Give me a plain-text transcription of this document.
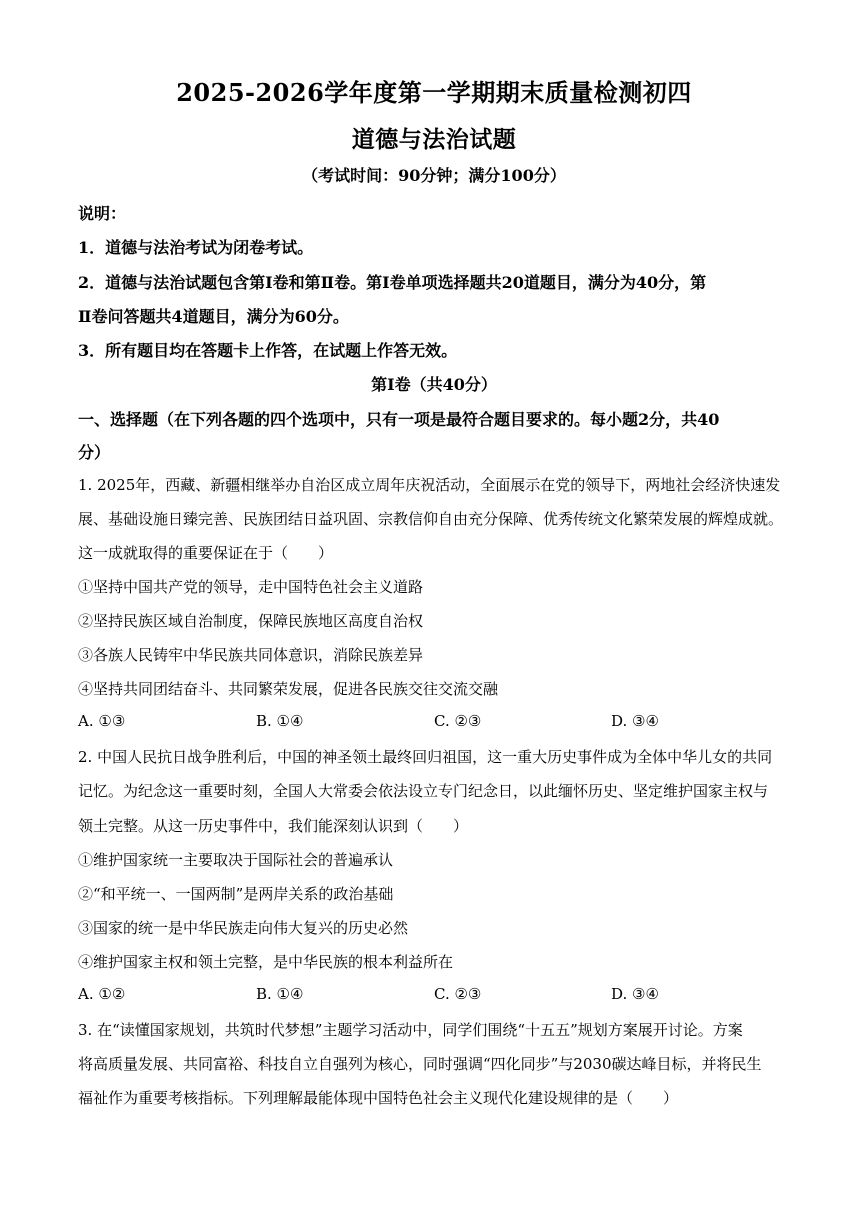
2025-2026学年度第一学期期末质量检测初四
道德与法治试题
（考试时间：90分钟；满分100分）
说明：
1．道德与法治考试为闭卷考试。
2．道德与法治试题包含第Ⅰ卷和第Ⅱ卷。第Ⅰ卷单项选择题共20道题目，满分为40分，第
Ⅱ卷问答题共4道题目，满分为60分。
3．所有题目均在答题卡上作答，在试题上作答无效。
第Ⅰ卷（共40分）
一、选择题（在下列各题的四个选项中，只有一项是最符合题目要求的。每小题2分，共40
分）
1. 2025年，西藏、新疆相继举办自治区成立周年庆祝活动，全面展示在党的领导下，两地社会经济快速发
展、基础设施日臻完善、民族团结日益巩固、宗教信仰自由充分保障、优秀传统文化繁荣发展的辉煌成就。
这一成就取得的重要保证在于（　　）
①坚持中国共产党的领导，走中国特色社会主义道路
②坚持民族区域自治制度，保障民族地区高度自治权
③各族人民铸牢中华民族共同体意识，消除民族差异
④坚持共同团结奋斗、共同繁荣发展，促进各民族交往交流交融
A. ①③	B. ①④	C. ②③	D. ③④
2. 中国人民抗日战争胜利后，中国的神圣领土最终回归祖国，这一重大历史事件成为全体中华儿女的共同
记忆。为纪念这一重要时刻，全国人大常委会依法设立专门纪念日，以此缅怀历史、坚定维护国家主权与
领土完整。从这一历史事件中，我们能深刻认识到（　　）
①维护国家统一主要取决于国际社会的普遍承认
②“和平统一、一国两制”是两岸关系的政治基础
③国家的统一是中华民族走向伟大复兴的历史必然
④维护国家主权和领土完整，是中华民族的根本利益所在
A. ①②	B. ①④	C. ②③	D. ③④
3. 在“读懂国家规划，共筑时代梦想”主题学习活动中，同学们围绕“十五五”规划方案展开讨论。方案
将高质量发展、共同富裕、科技自立自强列为核心，同时强调“四化同步”与2030碳达峰目标，并将民生
福祉作为重要考核指标。下列理解最能体现中国特色社会主义现代化建设规律的是（　　）
